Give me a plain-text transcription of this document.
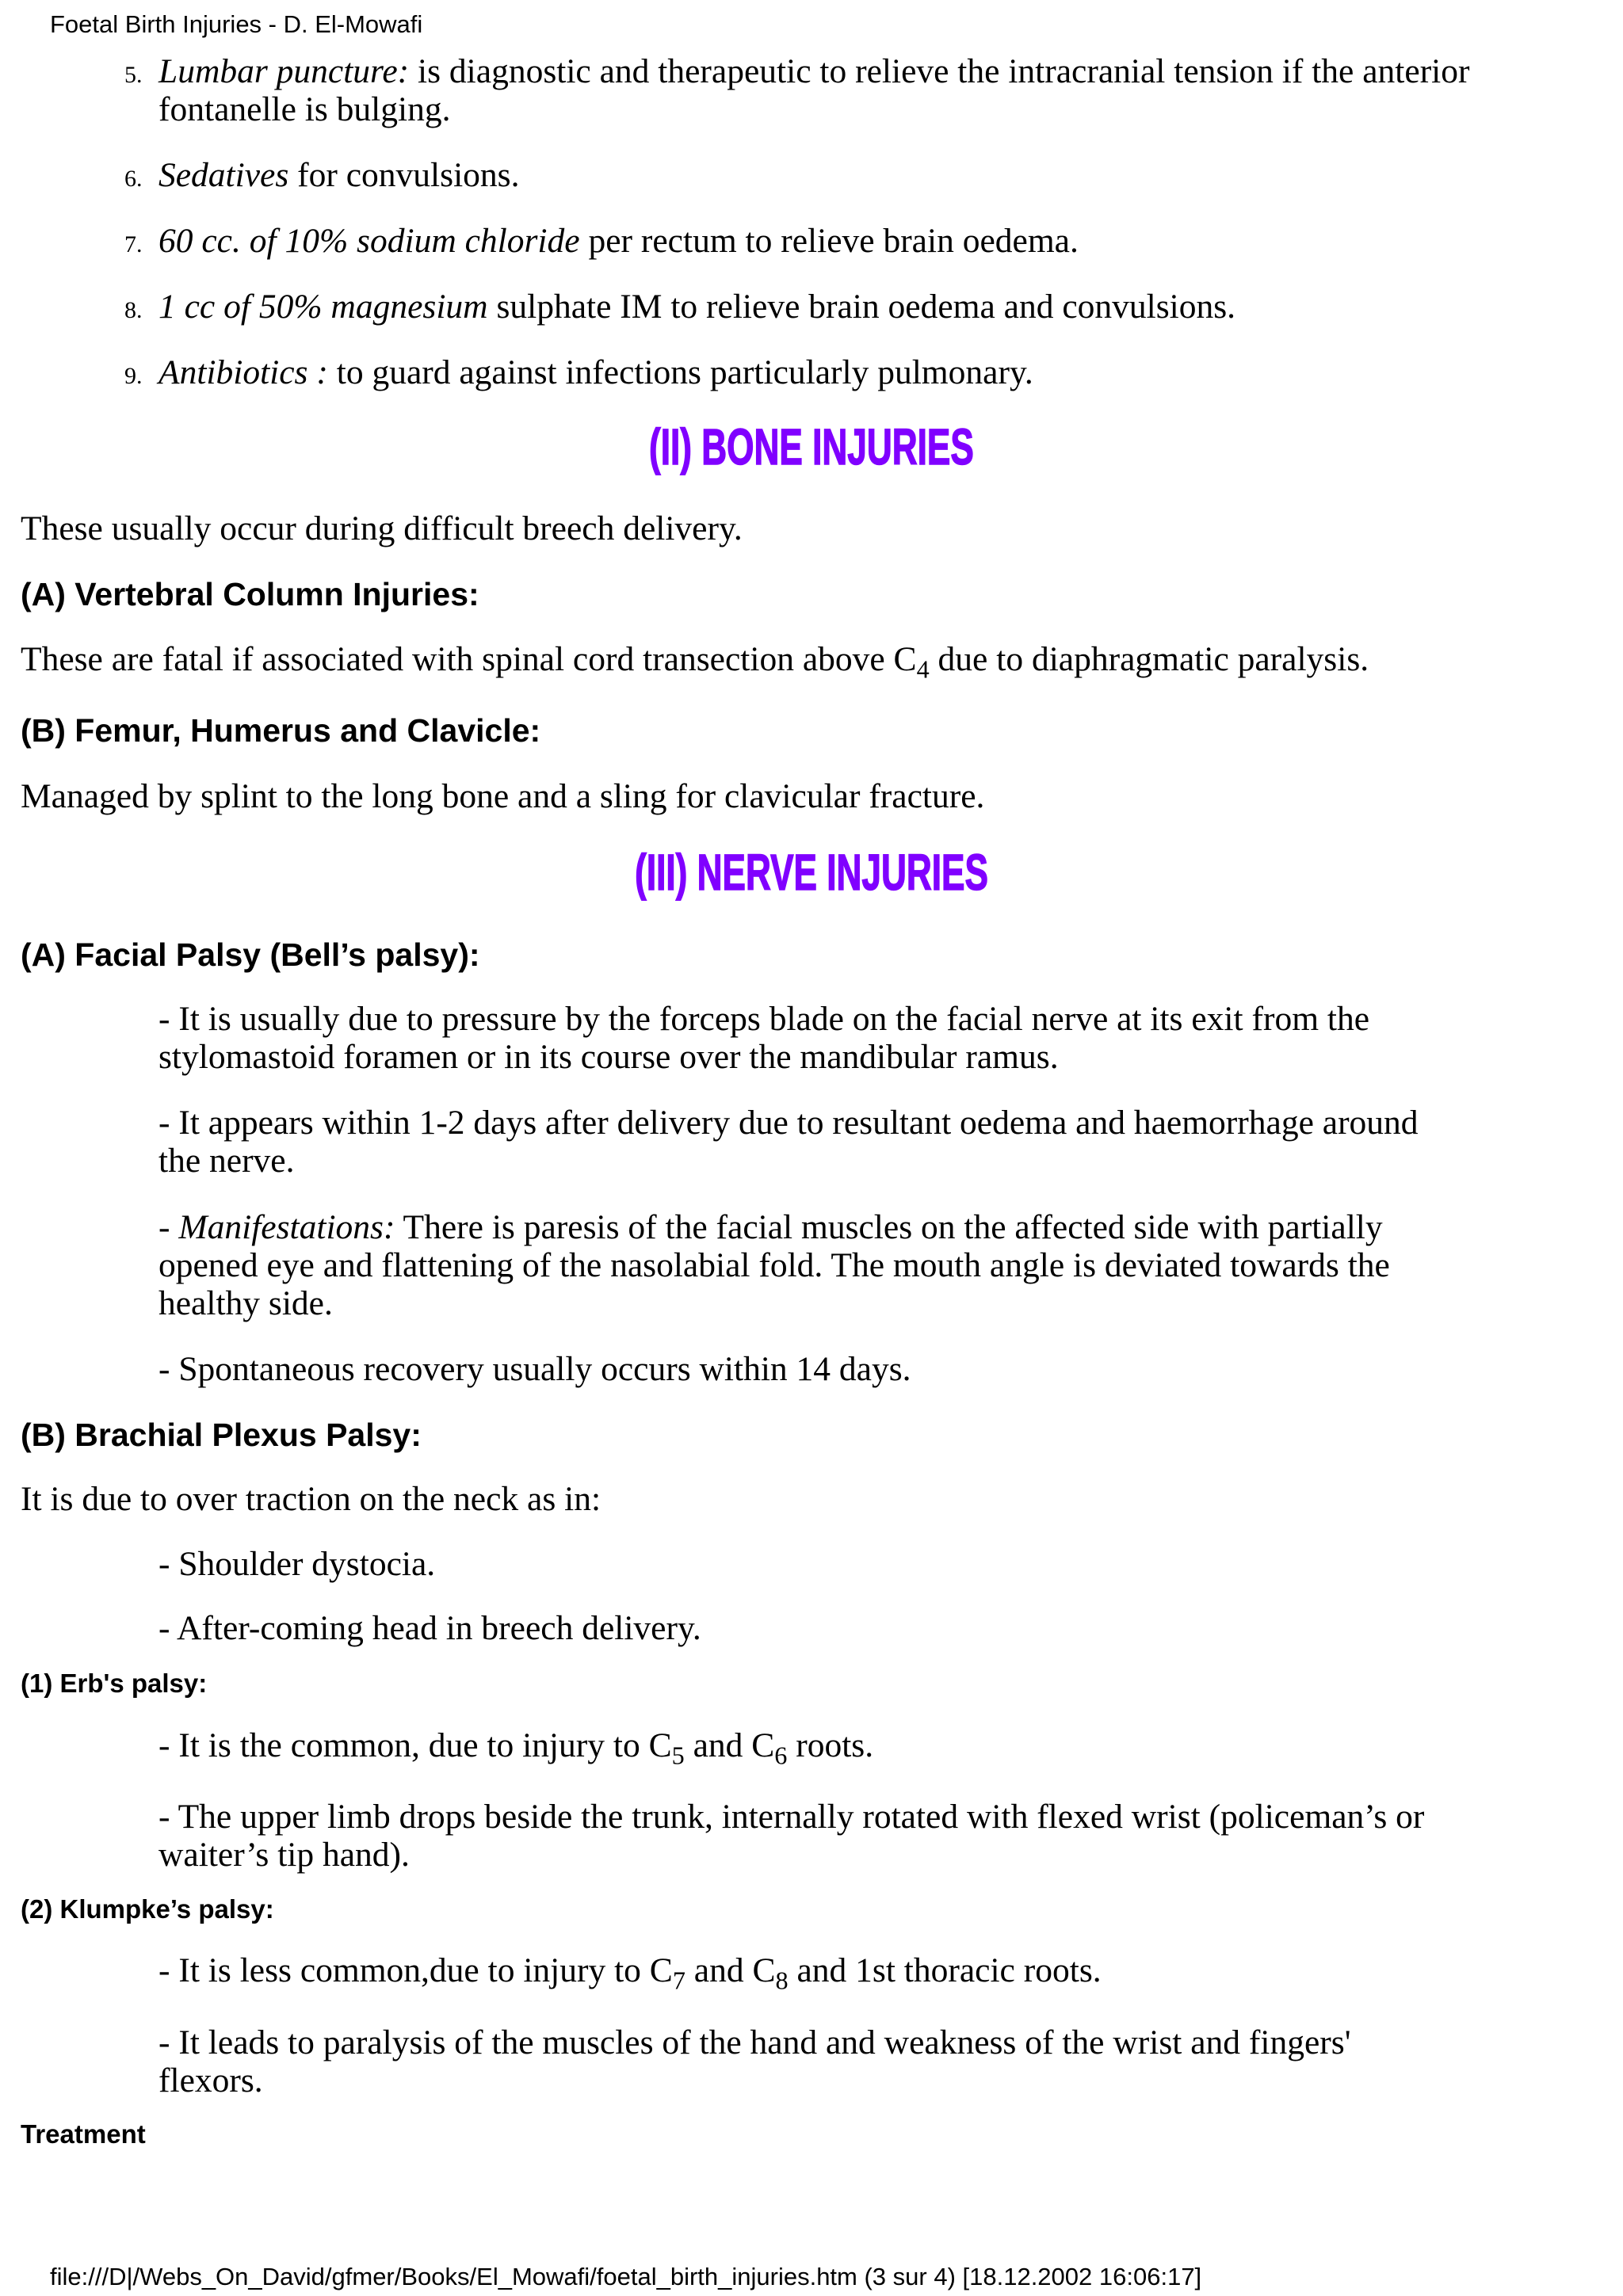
Foetal Birth Injuries - D. El-Mowafi
5. Lumbar puncture: is diagnostic and therapeutic to relieve the intracranial tension if the anterior
fontanelle is bulging.
6. Sedatives for convulsions.
7. 60 cc. of 10% sodium chloride per rectum to relieve brain oedema.
8. 1 cc of 50% magnesium sulphate IM to relieve brain oedema and convulsions.
9. Antibiotics : to guard against infections particularly pulmonary.
(II) BONE INJURIES
These usually occur during difficult breech delivery.
(A) Vertebral Column Injuries:
These are fatal if associated with spinal cord transection above $C_4$ due to diaphragmatic paralysis.
(B) Femur, Humerus and Clavicle:
Managed by splint to the long bone and a sling for clavicular fracture.
(III) NERVE INJURIES
(A) Facial Palsy (Bell’s palsy):
- It is usually due to pressure by the forceps blade on the facial nerve at its exit from the
stylomastoid foramen or in its course over the mandibular ramus.
- It appears within 1-2 days after delivery due to resultant oedema and haemorrhage around
the nerve.
- Manifestations: There is paresis of the facial muscles on the affected side with partially
opened eye and flattening of the nasolabial fold. The mouth angle is deviated towards the
healthy side.
- Spontaneous recovery usually occurs within 14 days.
(B) Brachial Plexus Palsy:
It is due to over traction on the neck as in:
- Shoulder dystocia.
- After-coming head in breech delivery.
(1) Erb's palsy:
- It is the common, due to injury to $C_5$ and $C_6$ roots.
- The upper limb drops beside the trunk, internally rotated with flexed wrist (policeman’s or
waiter’s tip hand).
(2) Klumpke’s palsy:
- It is less common,due to injury to $C_7$ and $C_8$ and 1st thoracic roots.
- It leads to paralysis of the muscles of the hand and weakness of the wrist and fingers'
flexors.
Treatment
file:///D|/Webs_On_David/gfmer/Books/El_Mowafi/foetal_birth_injuries.htm (3 sur 4) [18.12.2002 16:06:17]
